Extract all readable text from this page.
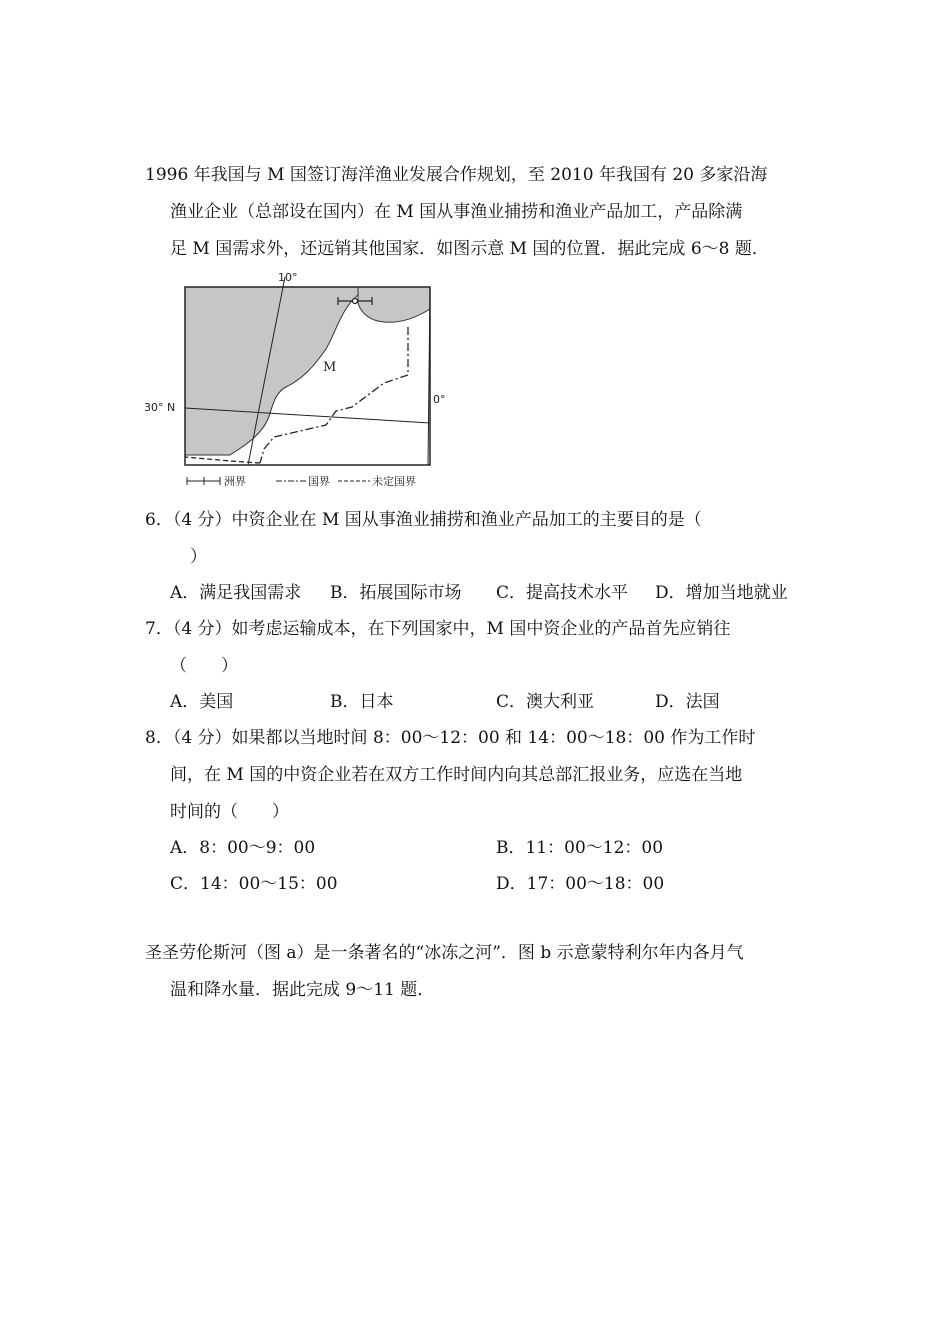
1996 年我国与 M 国签订海洋渔业发展合作规划，至 2010 年我国有 20 多家沿海
渔业企业（总部设在国内）在 M 国从事渔业捕捞和渔业产品加工，产品除满
足 M 国需求外，还远销其他国家．如图示意 M 国的位置．据此完成 6～8 题．
10°
0°
30° N
M
洲界	国界	未定国界
6．（4 分）中资企业在 M 国从事渔业捕捞和渔业产品加工的主要目的是（
）
A．满足我国需求 B．拓展国际市场 C．提高技术水平 D．增加当地就业
7．（4 分）如考虑运输成本，在下列国家中，M 国中资企业的产品首先应销往
（　　）
A．美国	B．日本	C．澳大利亚	D．法国
8．（4 分）如果都以当地时间 8：00～12：00 和 14：00～18：00 作为工作时
间，在 M 国的中资企业若在双方工作时间内向其总部汇报业务，应选在当地
时间的（　　）
A．8：00～9：00	B．11：00～12：00
C．14：00～15：00	D．17：00～18：00
圣圣劳伦斯河（图 a）是一条著名的“冰冻之河”．图 b 示意蒙特利尔年内各月气
温和降水量．据此完成 9～11 题．
